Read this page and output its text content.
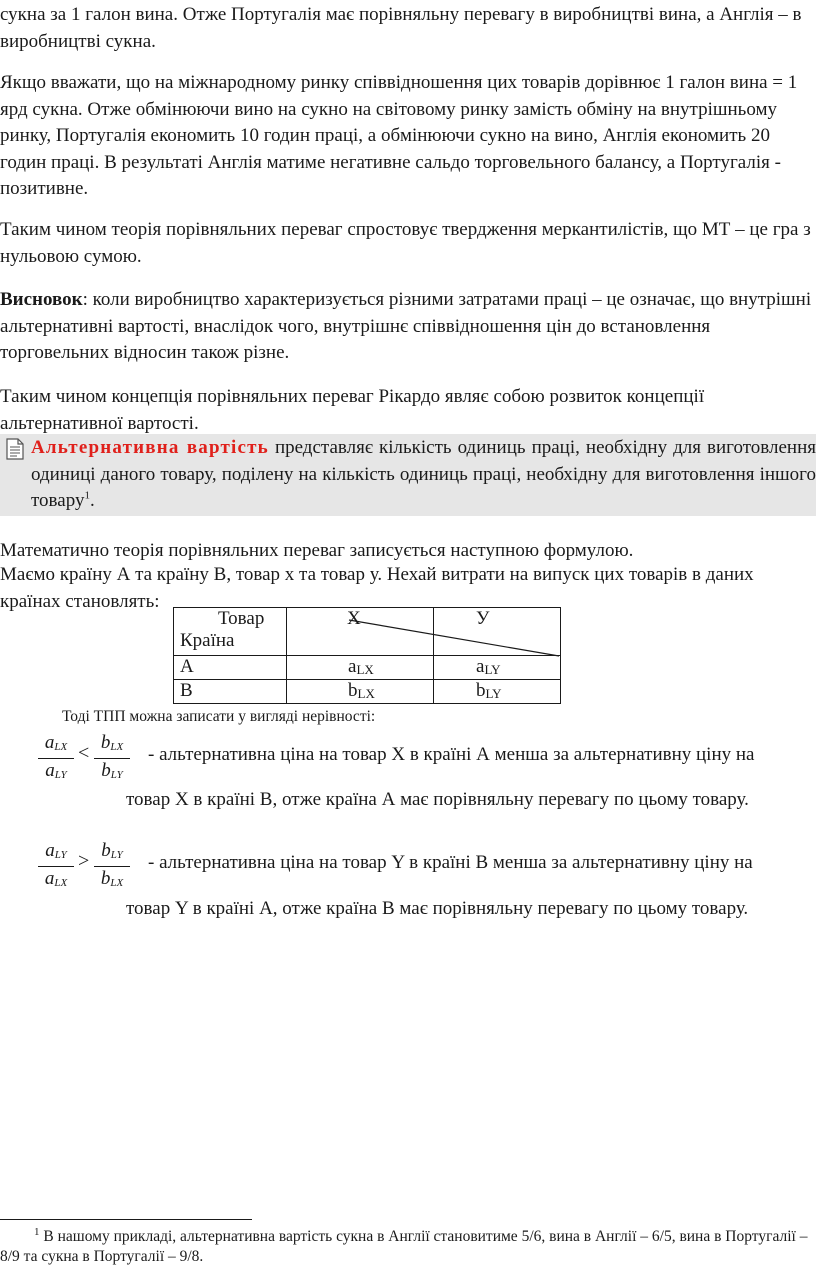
сукна за 1 галон вина. Отже Португалія має порівняльну перевагу в виробництві вина, а Англія – в виробництві сукна.

Якщо вважати, що на міжнародному ринку співвідношення цих товарів дорівнює 1 галон вина = 1 ярд сукна. Отже обмінюючи вино на сукно на світовому ринку замість обміну на внутрішньому ринку, Португалія економить 10 годин праці, а обмінюючи сукно на вино, Англія економить 20 годин праці. В результаті Англія матиме негативне сальдо торговельного балансу, а Португалія - позитивне.

Таким чином теорія порівняльних переваг спростовує твердження меркантилістів, що МТ – це гра з нульовою сумою.

Висновок: коли виробництво характеризується різними затратами праці – це означає, що внутрішні альтернативні вартості, внаслідок чого, внутрішнє співвідношення цін до встановлення торговельних відносин також різне.

Таким чином концепція порівняльних переваг Рікардо являє собою розвиток концепції альтернативної вартості.

Альтернативна вартість представляє кількість одиниць праці, необхідну для виготовлення одиниці даного товару, поділену на кількість одиниць праці, необхідну для виготовлення іншого товару$^1$.

Математично теорія порівняльних переваг записується наступною формулою.

Маємо країну А та країну В, товар х та товар у. Нехай витрати на випуск цих товарів в даних країнах становлять:

Товар
Країна	Х	У

А	aLX	aLY
В	bLX	bLY
Тоді ТПП можна записати у вигляді нерівності:
aLX
aLY
< bLX
bLY
- альтернативна ціна на товар Х в країні А менша за альтернативну ціну на
товар Х в країні В, отже країна А має порівняльну перевагу по цьому товару.
aLY
aLX
> bLY
bLX
- альтернативна ціна на товар Y в країні В менша за альтернативну ціну на
товар Y в країні А, отже країна В має порівняльну перевагу по цьому товару.

$^1$ В нашому прикладі, альтернативна вартість сукна в Англії становитиме 5/6, вина в Англії – 6/5, вина в Португалії – 8/9 та сукна в Португалії – 9/8.
